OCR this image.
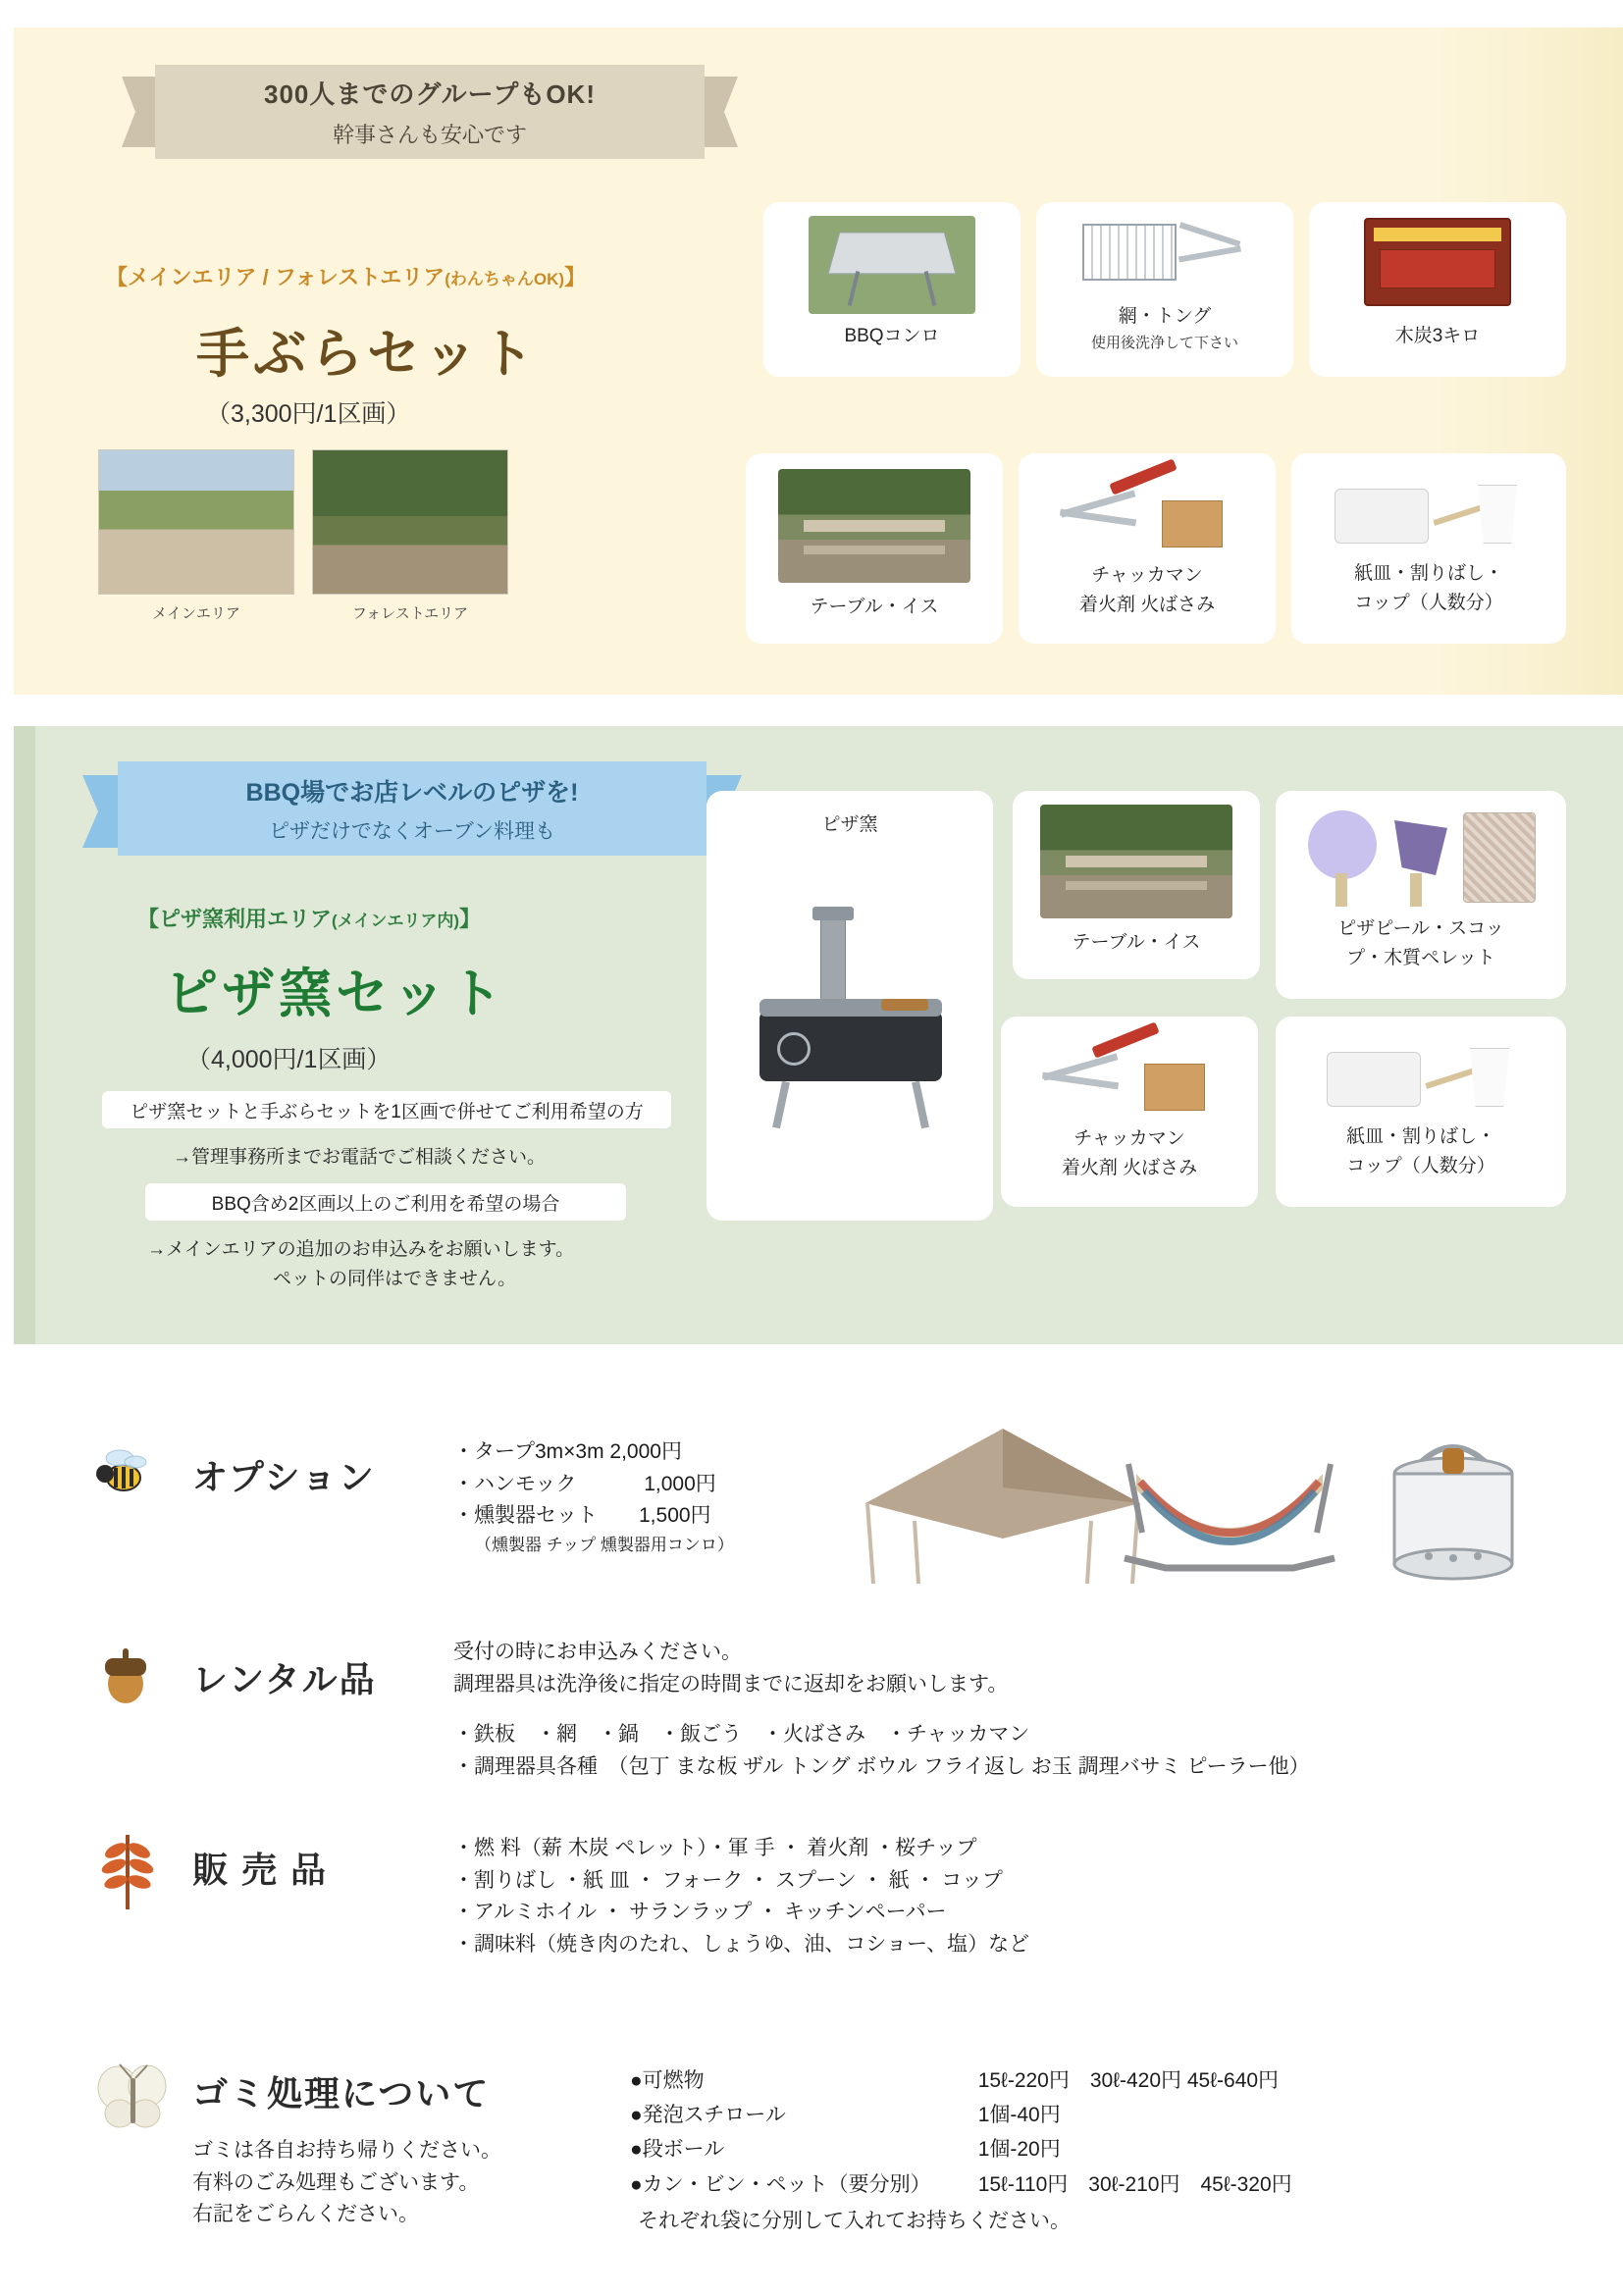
300人までのグループもOK!
幹事さんも安心です
【メインエリア / フォレストエリア(わんちゃんOK)】
手ぶらセット
（3,300円/1区画）
メインエリア	フォレストエリア
BBQコンロ
網・トング
使用後洗浄して下さい	木炭3キロ
テーブル・イス
チャッカマン
着火剤 火ばさみ
紙皿・割りばし・
コップ（人数分）
BBQ場でお店レベルのピザを!
ピザだけでなくオーブン料理も
【ピザ窯利用エリア(メインエリア内)】
ピザ窯セット
（4,000円/1区画）
ピザ窯セットと手ぶらセットを1区画で併せてご利用希望の方
→管理事務所までお電話でご相談ください。
BBQ含め2区画以上のご利用を希望の場合
→メインエリアの追加のお申込みをお願いします。
ペットの同伴はできません。
ピザ窯
テーブル・イス
ピザピール・スコッ
プ・木質ペレット
チャッカマン
着火剤 火ばさみ
紙皿・割りばし・
コップ（人数分）
オプション
・タープ3m×3m 2,000円
・ハンモック　　　 1,000円
・燻製器セット　　1,500円
（燻製器 チップ 燻製器用コンロ）
レンタル品
受付の時にお申込みください。
調理器具は洗浄後に指定の時間までに返却をお願いします。
・鉄板　・網　・鍋　・飯ごう　・火ばさみ　・チャッカマン
・調理器具各種　（包丁 まな板 ザル トング ボウル フライ返し お玉 調理バサミ ピーラー他）
販 売 品
・燃 料（薪 木炭 ペレット）・軍 手 ・ 着火剤 ・桜チップ
・割りばし ・紙 皿 ・ フォーク ・ スプーン ・ 紙 ・ コップ
・アルミホイル ・ サランラップ ・ キッチンペーパー
・調味料（焼き肉のたれ、しょうゆ、油、コショー、塩）など
ゴミ処理について
ゴミは各自お持ち帰りください。
有料のごみ処理もございます。
右記をごらんください。
●可燃物	15ℓ-220円　30ℓ-420円 45ℓ-640円
●発泡スチロール	1個-40円
●段ボール	1個-20円
●カン・ビン・ペット（要分別）	15ℓ-110円　30ℓ-210円　45ℓ-320円
それぞれ袋に分別して入れてお持ちください。
